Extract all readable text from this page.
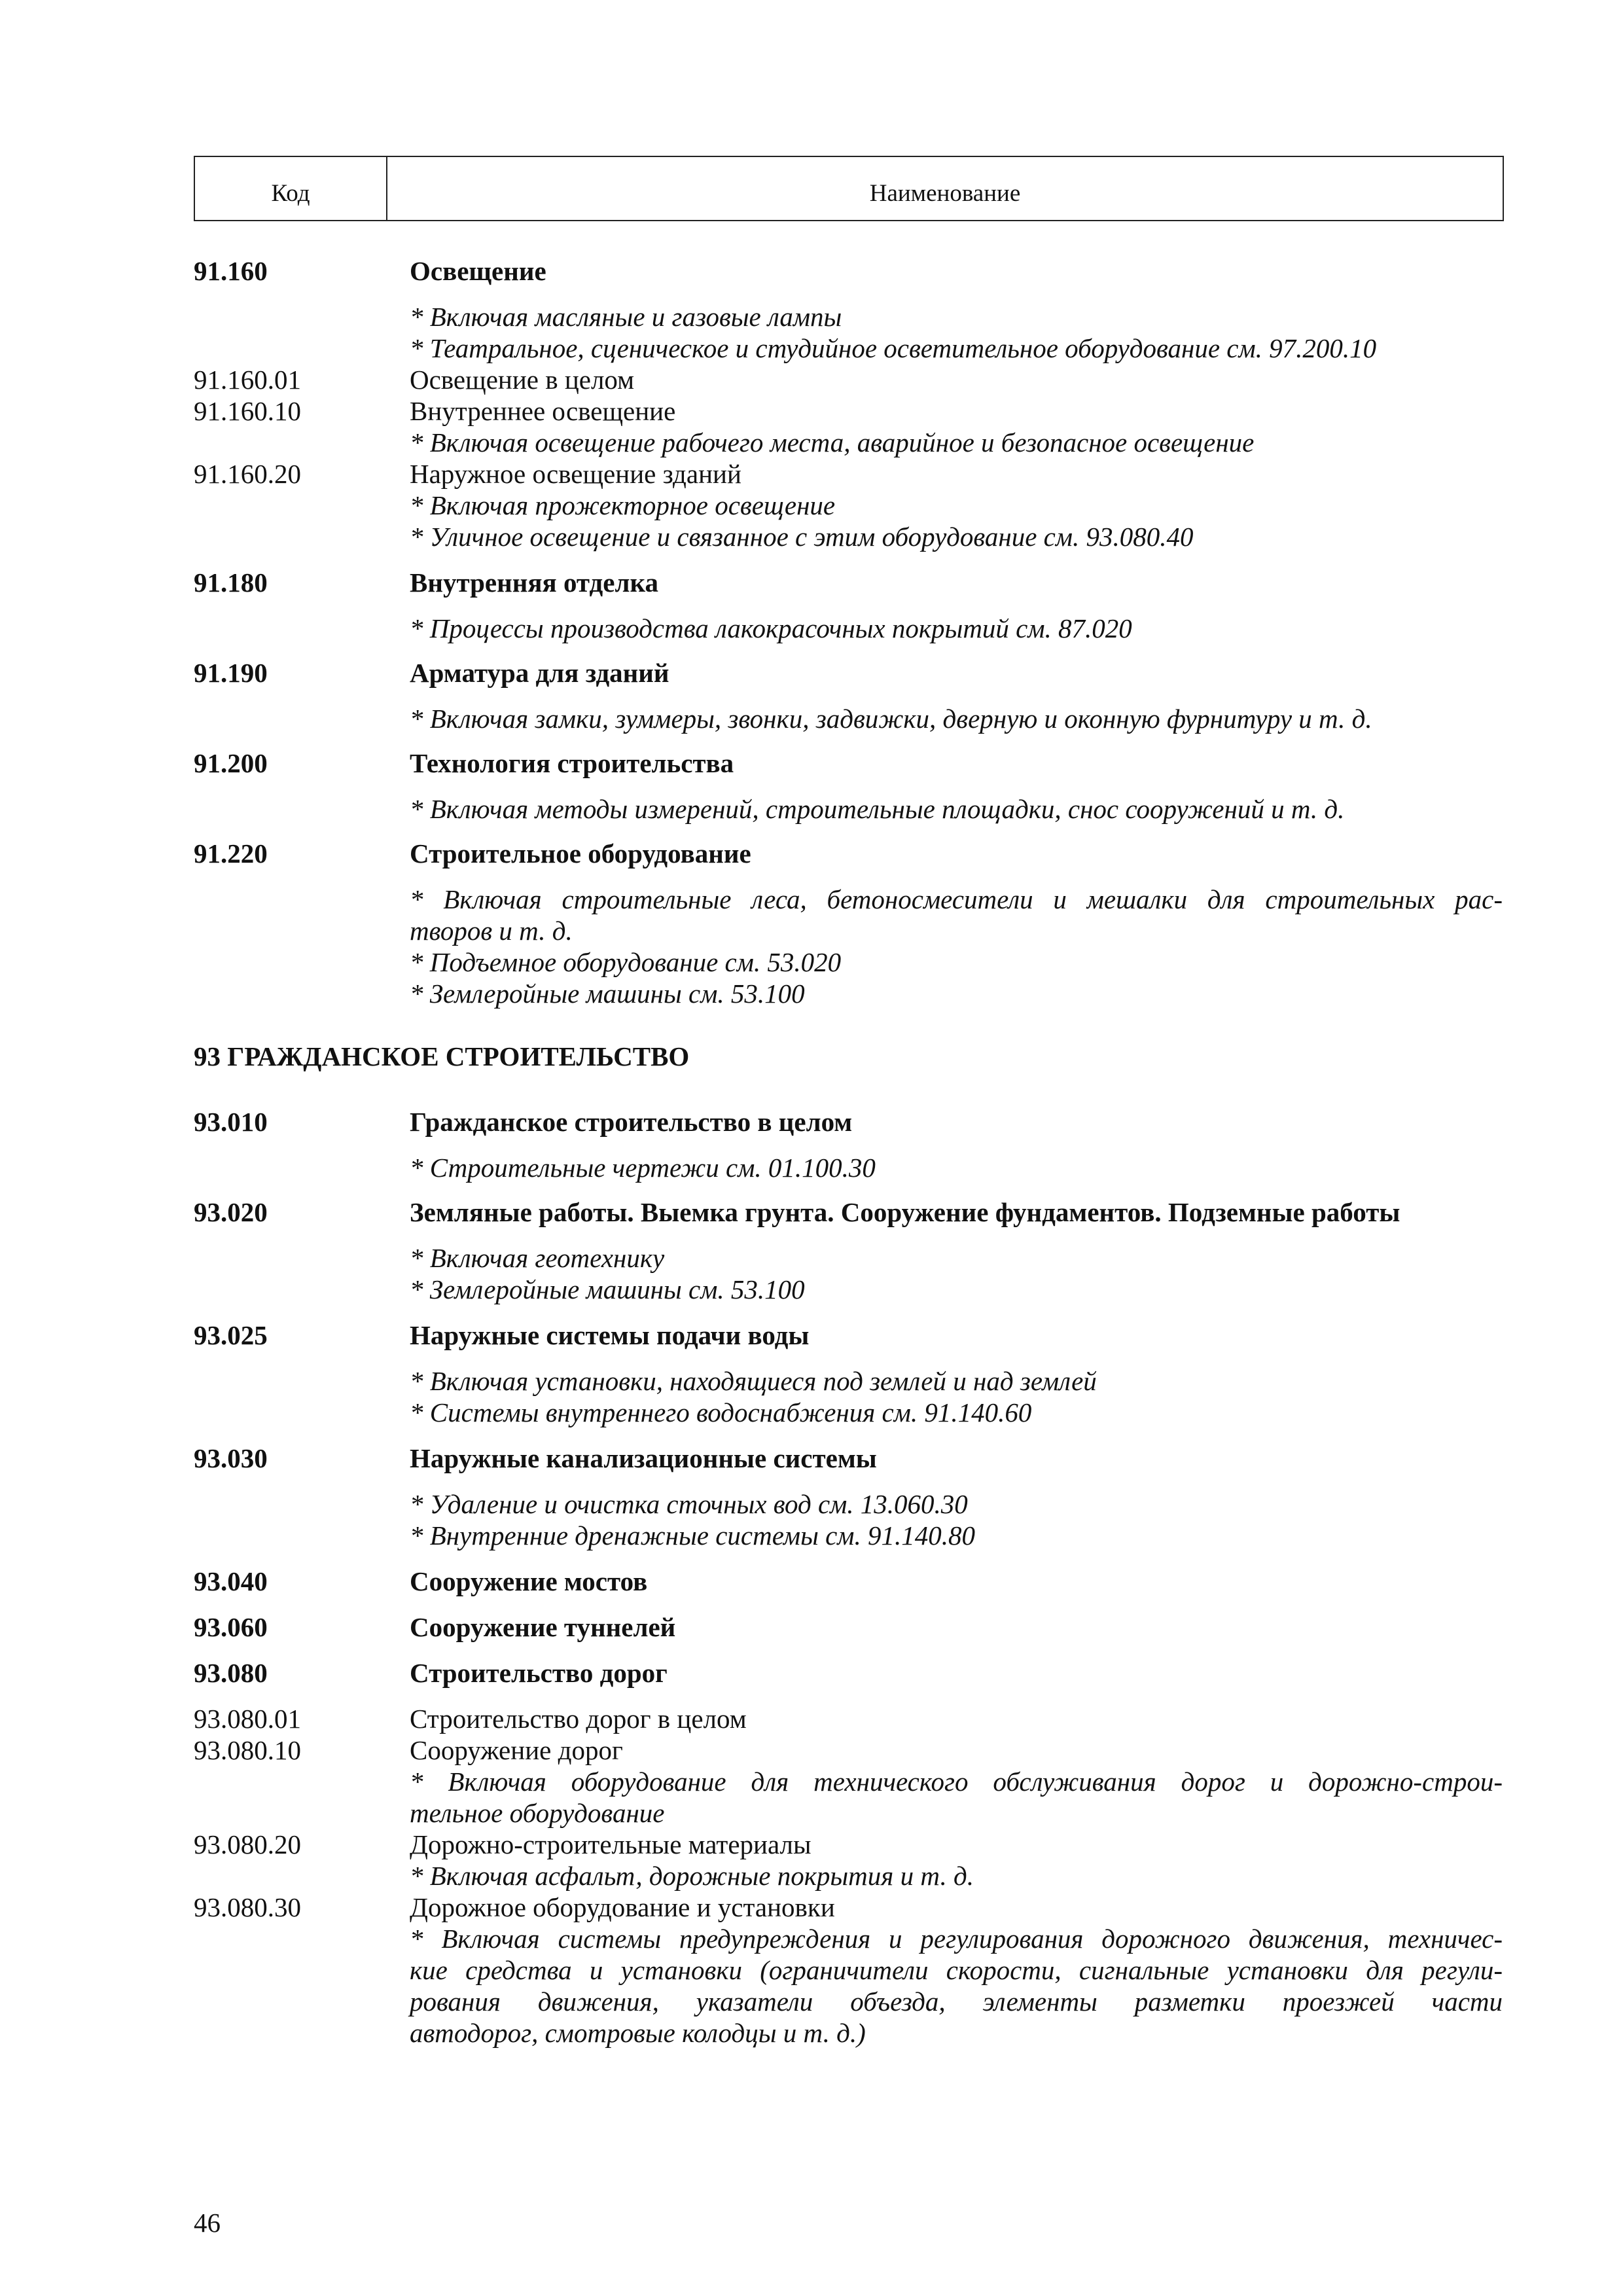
Код	Наименование
91.160	Освещение
* Включая масляные и газовые лампы
* Театральное, сценическое и студийное осветительное оборудование см. 97.200.10
91.160.01	Освещение в целом
91.160.10	Внутреннее освещение
* Включая освещение рабочего места, аварийное и безопасное освещение
91.160.20	Наружное освещение зданий
* Включая прожекторное освещение
* Уличное освещение и связанное с этим оборудование см. 93.080.40
91.180	Внутренняя отделка
* Процессы производства лакокрасочных покрытий см. 87.020
91.190	Арматура для зданий
* Включая замки, зуммеры, звонки, задвижки, дверную и оконную фурнитуру и т. д.
91.200	Технология строительства
* Включая методы измерений, строительные площадки, снос сооружений и т. д.
91.220	Строительное оборудование
* Включая строительные леса, бетоносмесители и мешалки для строительных рас-
творов и т. д.
* Подъемное оборудование см. 53.020
* Землеройные машины см. 53.100
93 ГРАЖДАНСКОЕ СТРОИТЕЛЬСТВО
93.010	Гражданское строительство в целом
* Строительные чертежи см. 01.100.30
93.020	Земляные работы. Выемка грунта. Сооружение фундаментов. Подземные работы
* Включая геотехнику
* Землеройные машины см. 53.100
93.025	Наружные системы подачи воды
* Включая установки, находящиеся под землей и над землей
* Системы внутреннего водоснабжения см. 91.140.60
93.030	Наружные канализационные системы
* Удаление и очистка сточных вод см. 13.060.30
* Внутренние дренажные системы см. 91.140.80
93.040	Сооружение мостов
93.060	Сооружение туннелей
93.080	Строительство дорог
93.080.01	Строительство дорог в целом
93.080.10	Сооружение дорог
* Включая оборудование для технического обслуживания дорог и дорожно-строи-
тельное оборудование
93.080.20	Дорожно-строительные материалы
* Включая асфальт, дорожные покрытия и т. д.
93.080.30	Дорожное оборудование и установки
* Включая системы предупреждения и регулирования дорожного движения, техничес-
кие средства и установки (ограничители скорости, сигнальные установки для регули-
рования движения, указатели объезда, элементы разметки проезжей части
автодорог, смотровые колодцы и т. д.)
46
